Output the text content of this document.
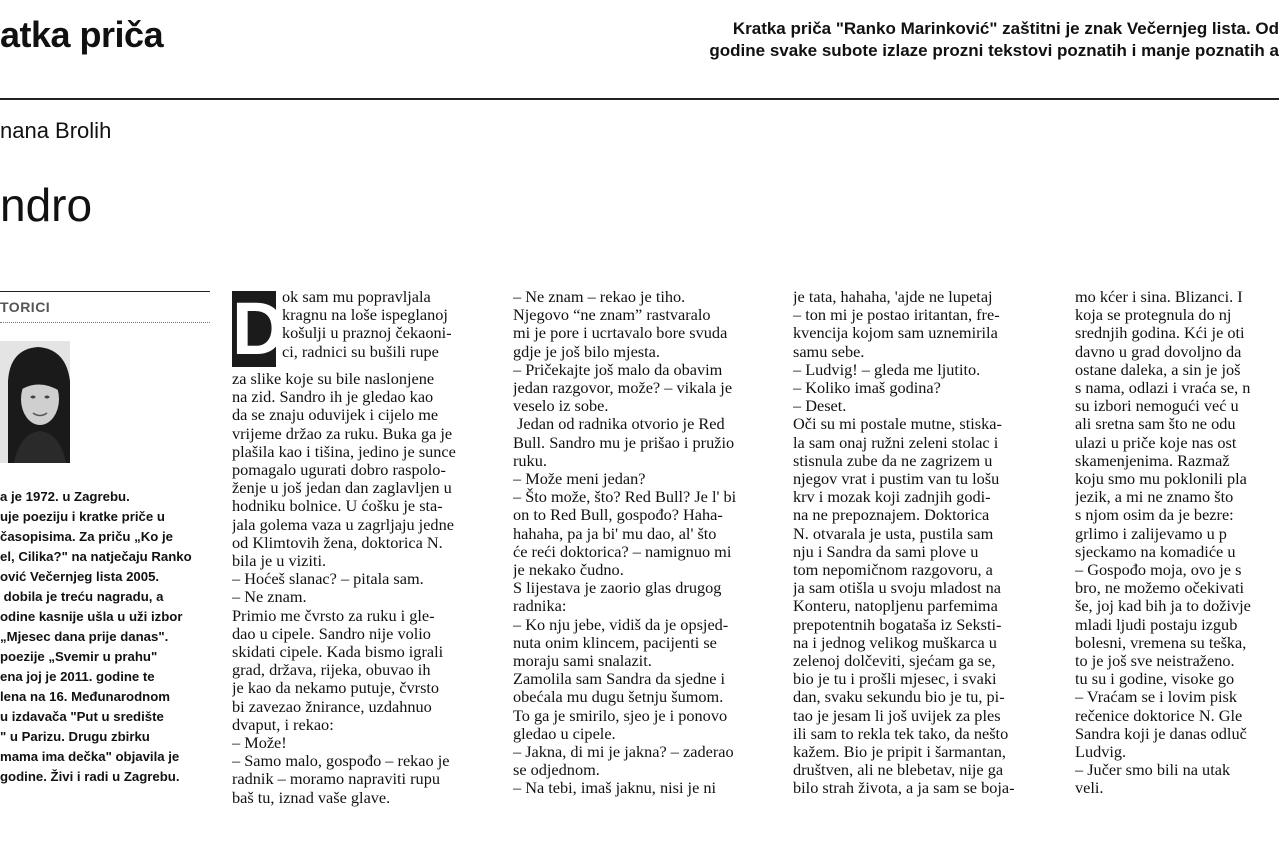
atka priča	Kratka priča "Ranko Marinković" zaštitni je znak Večernjeg lista. Od
godine svake subote izlaze prozni tekstovi poznatih i manje poznatih a
nana Brolih
ndro
TORICI
a je 1972. u Zagrebu.
uje poeziju i kratke priče u
časopisima. Za priču „Ko je
el, Cilika?" na natječaju Ranko
ović Večernjeg lista 2005.
dobila je treću nagradu, a
odine kasnije ušla u uži izbor
„Mjesec dana prije danas".
poezije „Svemir u prahu"
ena joj je 2011. godine te
lena na 16. Međunarodnom
u izdavača "Put u središte
" u Parizu. Drugu zbirku
mama ima dečka" objavila je
godine. Živi i radi u Zagrebu.
D
ok sam mu popravljala
kragnu na loše ispeglanoj
košulji u praznoj čekaoni-
ci, radnici su bušili rupe
za slike koje su bile naslonjene
na zid. Sandro ih je gledao kao
da se znaju oduvijek i cijelo me
vrijeme držao za ruku. Buka ga je
plašila kao i tišina, jedino je sunce
pomagalo ugurati dobro raspolo-
ženje u još jedan dan zaglavljen u
hodniku bolnice. U ćošku je sta-
jala golema vaza u zagrljaju jedne
od Klimtovih žena, doktorica N.
bila je u viziti.
– Hoćeš slanac? – pitala sam.
– Ne znam.
Primio me čvrsto za ruku i gle-
dao u cipele. Sandro nije volio
skidati cipele. Kada bismo igrali
grad, država, rijeka, obuvao ih
je kao da nekamo putuje, čvrsto
bi zavezao žnirance, uzdahnuo
dvaput, i rekao:
– Može!
– Samo malo, gospođo – rekao je
radnik – moramo napraviti rupu
baš tu, iznad vaše glave.
– Ne znam – rekao je tiho.
Njegovo “ne znam” rastvaralo
mi je pore i ucrtavalo bore svuda
gdje je još bilo mjesta.
– Pričekajte još malo da obavim
jedan razgovor, može? – vikala je
veselo iz sobe.
Jedan od radnika otvorio je Red
Bull. Sandro mu je prišao i pružio
ruku.
– Može meni jedan?
– Što može, što? Red Bull? Je l' bi
on to Red Bull, gospođo? Haha-
hahaha, pa ja bi' mu dao, al' što
će reći doktorica? – namignuo mi
je nekako čudno.
S lijestava je zaorio glas drugog
radnika:
– Ko nju jebe, vidiš da je opsjed-
nuta onim klincem, pacijenti se
moraju sami snalazit.
Zamolila sam Sandra da sjedne i
obećala mu dugu šetnju šumom.
To ga je smirilo, sjeo je i ponovo
gledao u cipele.
– Jakna, di mi je jakna? – zaderao
se odjednom.
– Na tebi, imaš jaknu, nisi je ni
je tata, hahaha, 'ajde ne lupetaj
– ton mi je postao iritantan, fre-
kvencija kojom sam uznemirila
samu sebe.
– Ludvig! – gleda me ljutito.
– Koliko imaš godina?
– Deset.
Oči su mi postale mutne, stiska-
la sam onaj ružni zeleni stolac i
stisnula zube da ne zagrizem u
njegov vrat i pustim van tu lošu
krv i mozak koji zadnjih godi-
na ne prepoznajem. Doktorica
N. otvarala je usta, pustila sam
nju i Sandra da sami plove u
tom nepomičnom razgovoru, a
ja sam otišla u svoju mladost na
Konteru, natopljenu parfemima
prepotentnih bogataša iz Seksti-
na i jednog velikog muškarca u
zelenoj dolčeviti, sjećam ga se,
bio je tu i prošli mjesec, i svaki
dan, svaku sekundu bio je tu, pi-
tao je jesam li još uvijek za ples
ili sam to rekla tek tako, da nešto
kažem. Bio je pripit i šarmantan,
društven, ali ne blebetav, nije ga
bilo strah života, a ja sam se boja-
mo kćer i sina. Blizanci. I
koja se protegnula do nj
srednjih godina. Kći je oti
davno u grad dovoljno da
ostane daleka, a sin je još
s nama, odlazi i vraća se, n
su izbori nemogući već u
ali sretna sam što ne odu
ulazi u priče koje nas ost
skamenjenima. Razmaž
koju smo mu poklonili pla
jezik, a mi ne znamo što
s njom osim da je bezre:
grlimo i zalijevamo u p
sjeckamo na komadiće u
– Gospođo moja, ovo je s
bro, ne možemo očekivati
še, joj kad bih ja to doživje
mladi ljudi postaju izgub
bolesni, vremena su teška,
to je još sve neistraženo.
tu su i godine, visoke go
– Vraćam se i lovim pisk
rečenice doktorice N. Gle
Sandra koji je danas odluč
Ludvig.
– Jučer smo bili na utak
veli.
